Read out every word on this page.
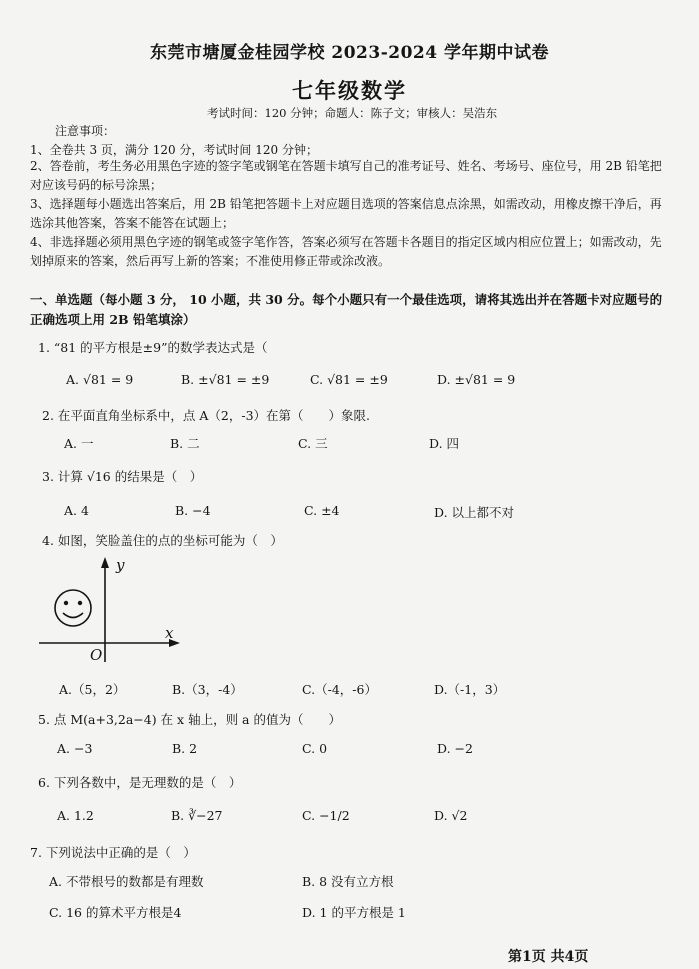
东莞市塘厦金桂园学校 2023-2024 学年期中试卷
七年级数学
考试时间：120 分钟；命题人：陈子文；审核人：吴浩东
注意事项：
1、全卷共 3 页，满分 120 分，考试时间 120 分钟；
2、答卷前，考生务必用黑色字迹的签字笔或钢笔在答题卡填写自己的准考证号、姓名、考场号、座位号，用 2B 铅笔把对应该号码的标号涂黑；
3、选择题每小题选出答案后，用 2B 铅笔把答题卡上对应题目选项的答案信息点涂黑，如需改动，用橡皮擦干净后，再选涂其他答案，答案不能答在试题上；
4、非选择题必须用黑色字迹的钢笔或签字笔作答，答案必须写在答题卡各题目的指定区域内相应位置上；如需改动，先划掉原来的答案，然后再写上新的答案；不准使用修正带或涂改液。
一、单选题（每小题 3 分， 10 小题，共 30 分。每个小题只有一个最佳选项，请将其选出并在答题卡对应题号的正确选项上用 2B 铅笔填涂）
1. “81 的平方根是±9”的数学表达式是（
A. √81 = 9	B. ±√81 = ±9	C. √81 = ±9	D. ±√81 = 9
2. 在平面直角坐标系中，点 A（2，-3）在第（　　）象限.
A. 一	B. 二	C. 三	D. 四
3. 计算 √16 的结果是（　）
A. 4	B. −4	C. ±4	D. 以上都不对
4. 如图，笑脸盖住的点的坐标可能为（　）
y
x
O
A.（5，2）	B.（3，-4）	C.（-4，-6）	D.（-1，3）
5. 点 M(a+3,2a−4) 在 x 轴上，则 a 的值为（　　）
A. −3	B. 2	C. 0	D. −2
6. 下列各数中，是无理数的是（　）
A. 1.2	B. ∛−27	C. −1/2	D. √2
7. 下列说法中正确的是（　）
A. 不带根号的数都是有理数	B. 8 没有立方根
C. 16 的算术平方根是4	D. 1 的平方根是 1
第1页 共4页
